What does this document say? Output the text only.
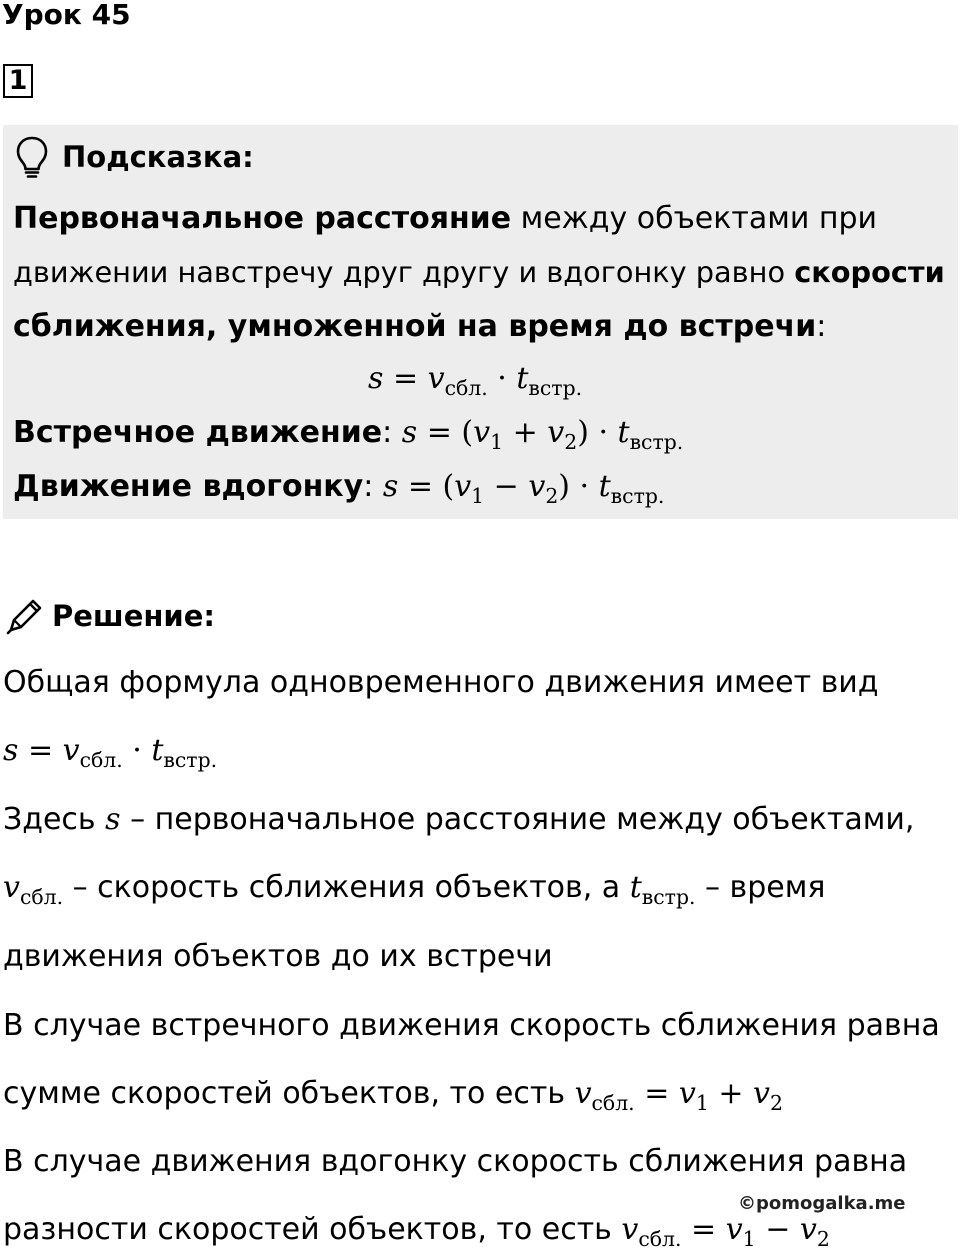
Урок 45
1
Подсказка:
Первоначальное расстояние между объектами при
движении навстречу друг другу и вдогонку равно скорости
сближения, умноженной на время до встречи:
$s = v_{сбл.} \cdot t_{встр.}$
Встречное движение: $s = (v_1 + v_2) \cdot t_{встр.}$
Движение вдогонку: $s = (v_1 - v_2) \cdot t_{встр.}$
Решение:
Общая формула одновременного движения имеет вид
$s = v_{сбл.} \cdot t_{встр.}$
Здесь s – первоначальное расстояние между объектами,
$v_{сбл.}$ – скорость сближения объектов, а $t_{встр.}$ – время
движения объектов до их встречи
В случае встречного движения скорость сближения равна
сумме скоростей объектов, то есть $v_{сбл.} = v_1 + v_2$
В случае движения вдогонку скорость сближения равна
разности скоростей объектов, то есть $v_{сбл.} = v_1 - v_2$
©pomogalka.me
